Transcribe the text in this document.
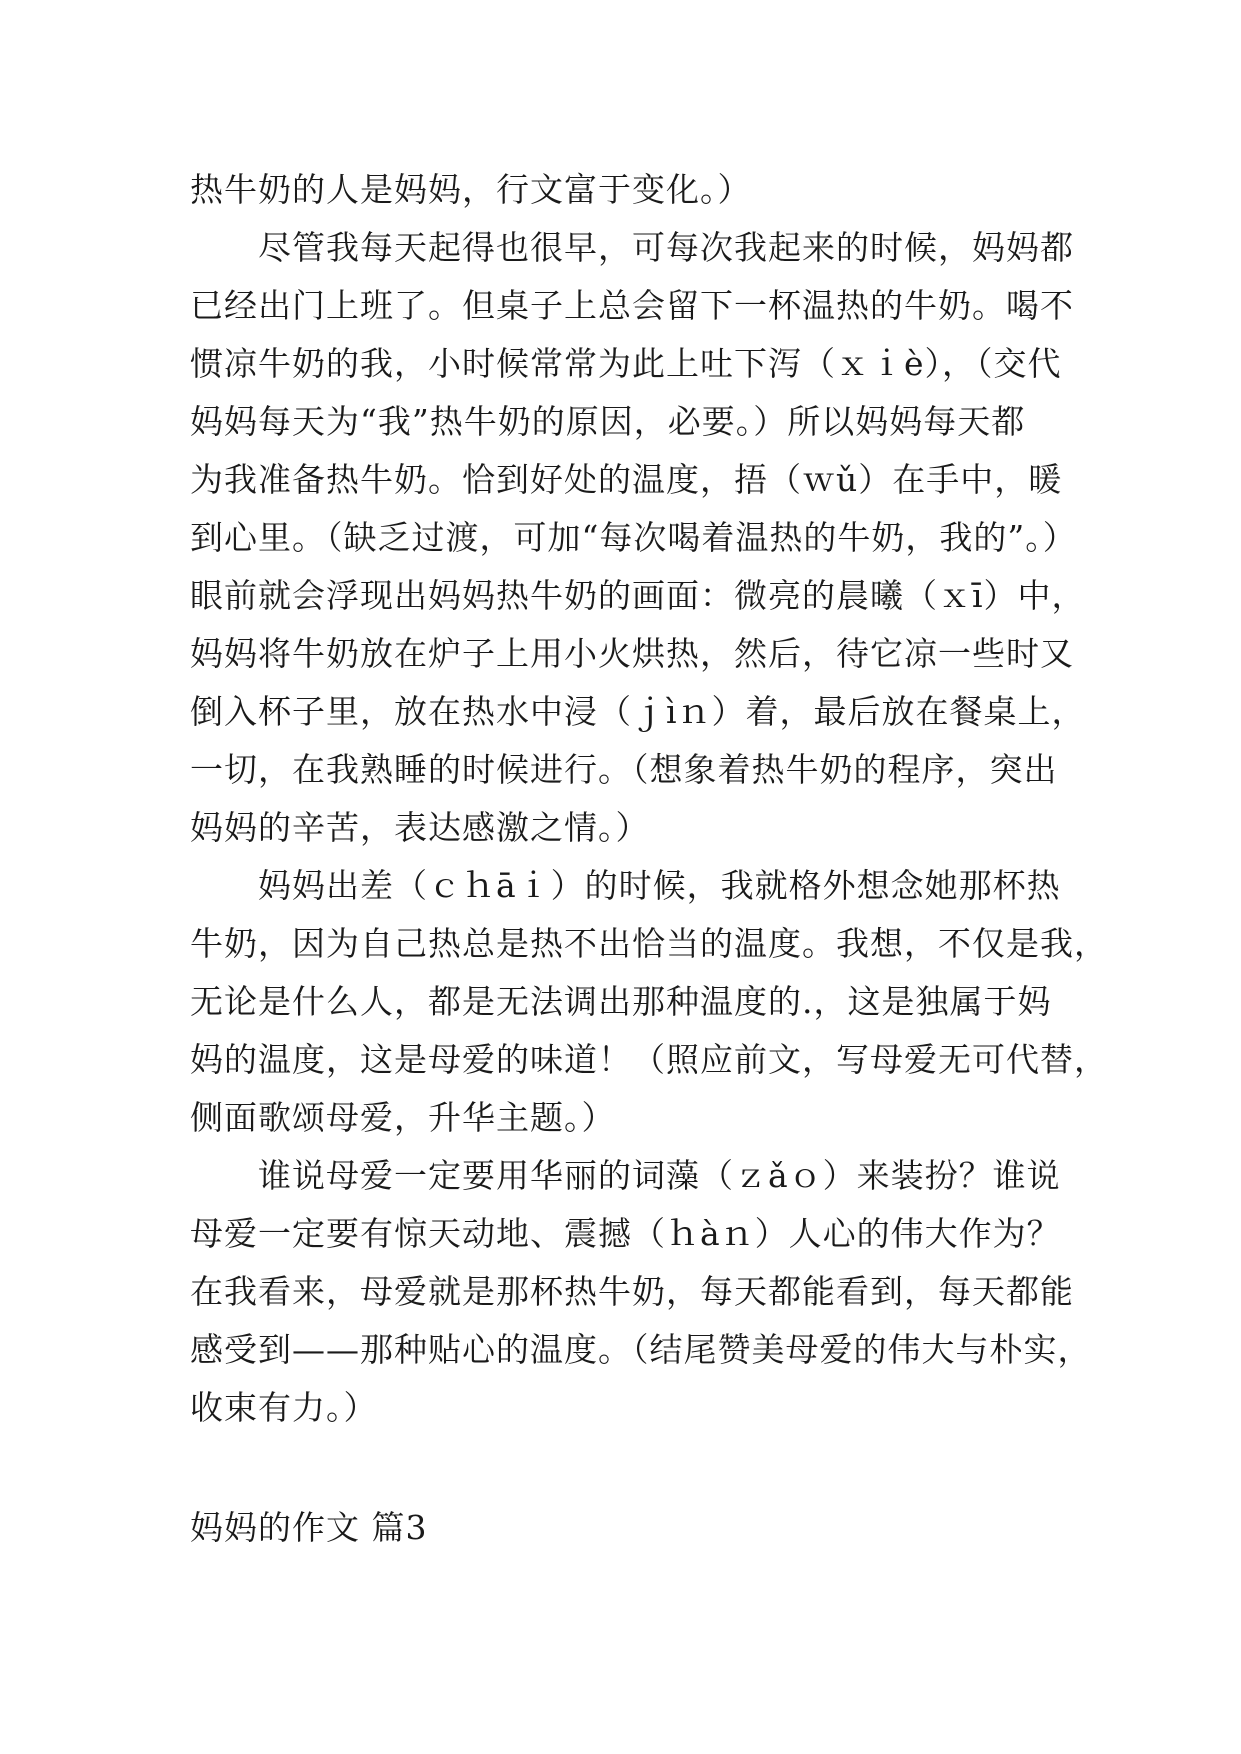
热牛奶的人是妈妈，行文富于变化。）
　　尽管我每天起得也很早，可每次我起来的时候，妈妈都
已经出门上班了。但桌子上总会留下一杯温热的牛奶。喝不
惯凉牛奶的我，小时候常常为此上吐下泻（ｘｉè），（交代
妈妈每天为“我”热牛奶的原因，必要。）所以妈妈每天都
为我准备热牛奶。恰到好处的温度，捂（ｗǔ）在手中，暖
到心里。（缺乏过渡，可加“每次喝着温热的牛奶，我的”。）
眼前就会浮现出妈妈热牛奶的画面：微亮的晨曦（ｘī）中，
妈妈将牛奶放在炉子上用小火烘热，然后，待它凉一些时又
倒入杯子里，放在热水中浸（ｊìｎ）着，最后放在餐桌上，
一切，在我熟睡的时候进行。（想象着热牛奶的程序，突出
妈妈的辛苦，表达感激之情。）
　　妈妈出差（ｃｈāｉ）的时候，我就格外想念她那杯热
牛奶，因为自己热总是热不出恰当的温度。我想，不仅是我，
无论是什么人，都是无法调出那种温度的.，这是独属于妈
妈的温度，这是母爱的味道！（照应前文，写母爱无可代替，
侧面歌颂母爱，升华主题。）
　　谁说母爱一定要用华丽的词藻（ｚǎｏ）来装扮？谁说
母爱一定要有惊天动地、震撼（ｈàｎ）人心的伟大作为？
在我看来，母爱就是那杯热牛奶，每天都能看到，每天都能
感受到——那种贴心的温度。（结尾赞美母爱的伟大与朴实，
收束有力。）
妈妈的作文 篇3
